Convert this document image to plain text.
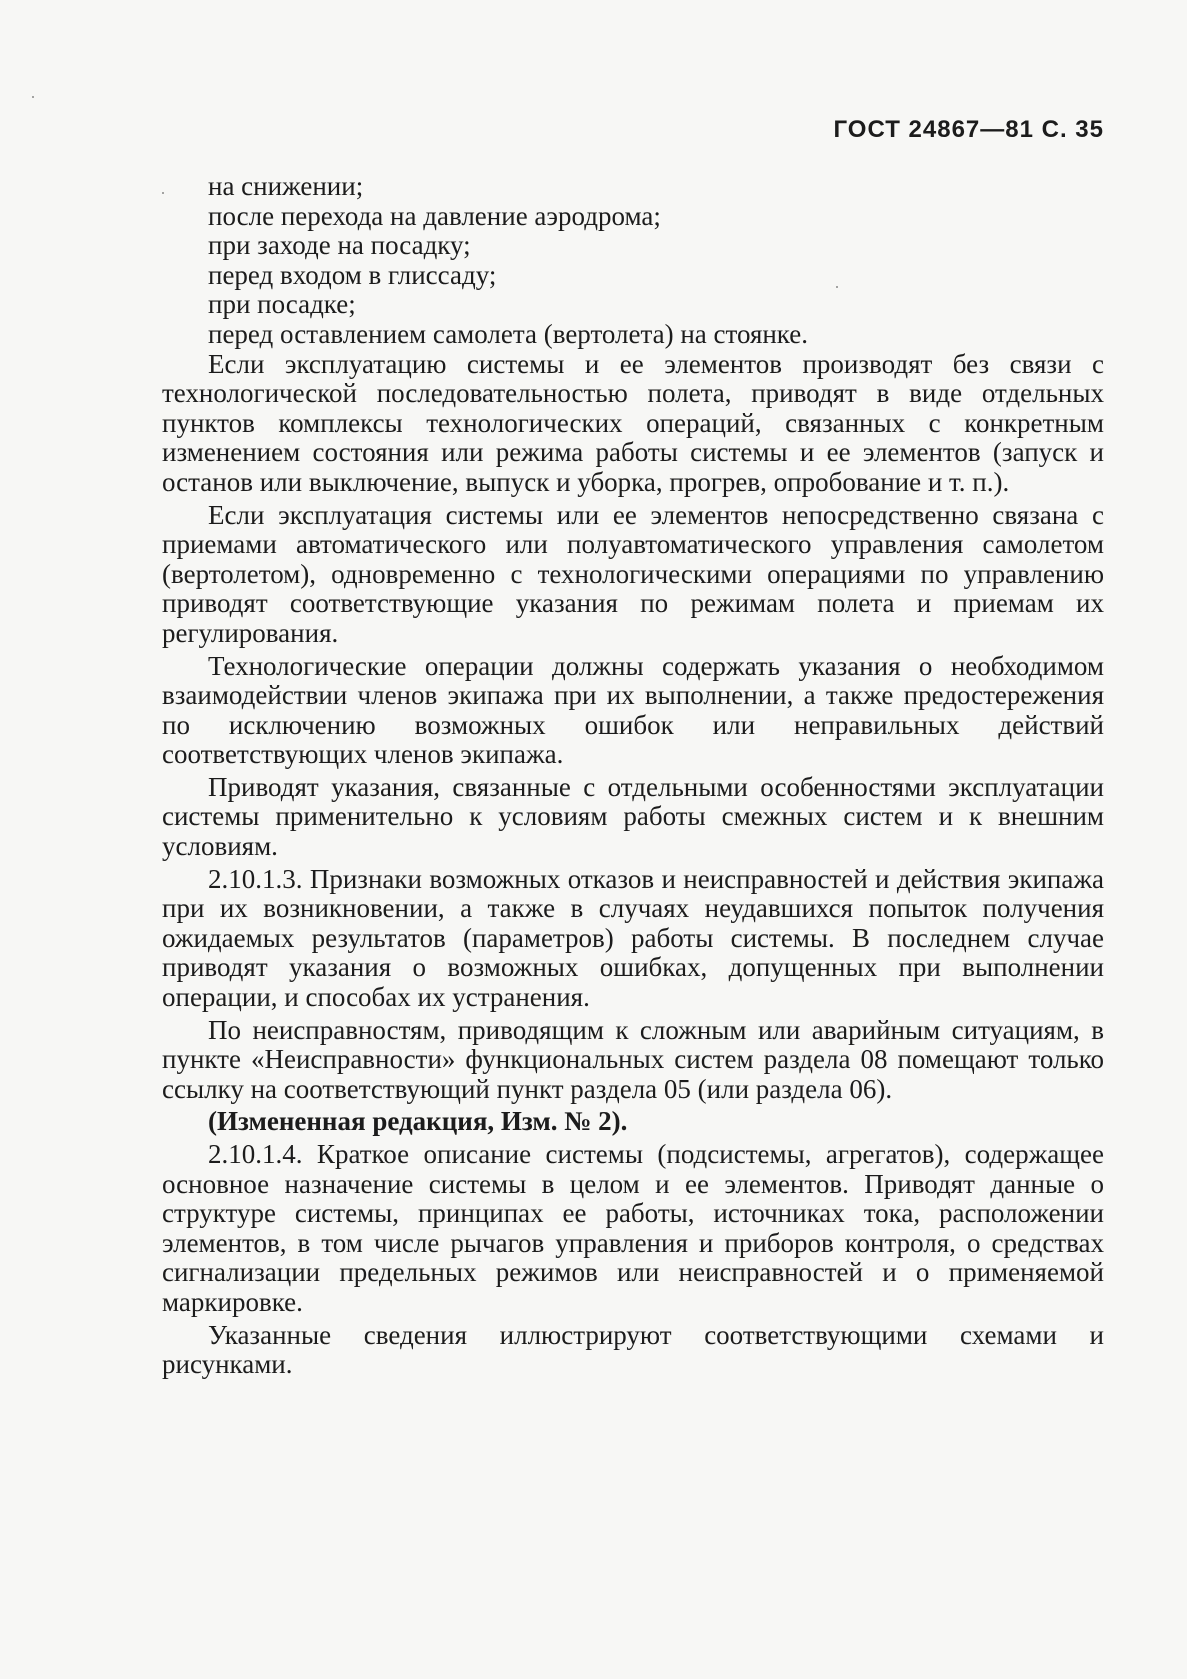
ГОСТ 24867—81 С. 35
на снижении;
после перехода на давление аэродрома;
при заходе на посадку;
перед входом в глиссаду;
при посадке;
перед оставлением самолета (вертолета) на стоянке.

Если эксплуатацию системы и ее элементов производят без связи с технологической последовательностью полета, приводят в виде отдельных пунктов комплексы технологических операций, связанных с конкретным изменением состояния или режима работы системы и ее элементов (запуск и останов или выключение, выпуск и уборка, прогрев, опробование и т. п.).

Если эксплуатация системы или ее элементов непосредственно связана с приемами автоматического или полуавтоматического управления самолетом (вертолетом), одновременно с технологическими операциями по управлению приводят соответствующие указания по режимам полета и приемам их регулирования.

Технологические операции должны содержать указания о необходимом взаимодействии членов экипажа при их выполнении, а также предостережения по исключению возможных ошибок или неправильных действий соответствующих членов экипажа.

Приводят указания, связанные с отдельными особенностями эксплуатации системы применительно к условиям работы смежных систем и к внешним условиям.

2.10.1.3. Признаки возможных отказов и неисправностей и действия экипажа при их возникновении, а также в случаях неудавшихся попыток получения ожидаемых результатов (параметров) работы системы. В последнем случае приводят указания о возможных ошибках, допущенных при выполнении операции, и способах их устранения.

По неисправностям, приводящим к сложным или аварийным ситуациям, в пункте «Неисправности» функциональных систем раздела 08 помещают только ссылку на соответствующий пункт раздела 05 (или раздела 06).

(Измененная редакция, Изм. № 2).

2.10.1.4. Краткое описание системы (подсистемы, агрегатов), содержащее основное назначение системы в целом и ее элементов. Приводят данные о структуре системы, принципах ее работы, источниках тока, расположении элементов, в том числе рычагов управления и приборов контроля, о средствах сигнализации предельных режимов или неисправностей и о применяемой маркировке.

Указанные сведения иллюстрируют соответствующими схемами и рисунками.
